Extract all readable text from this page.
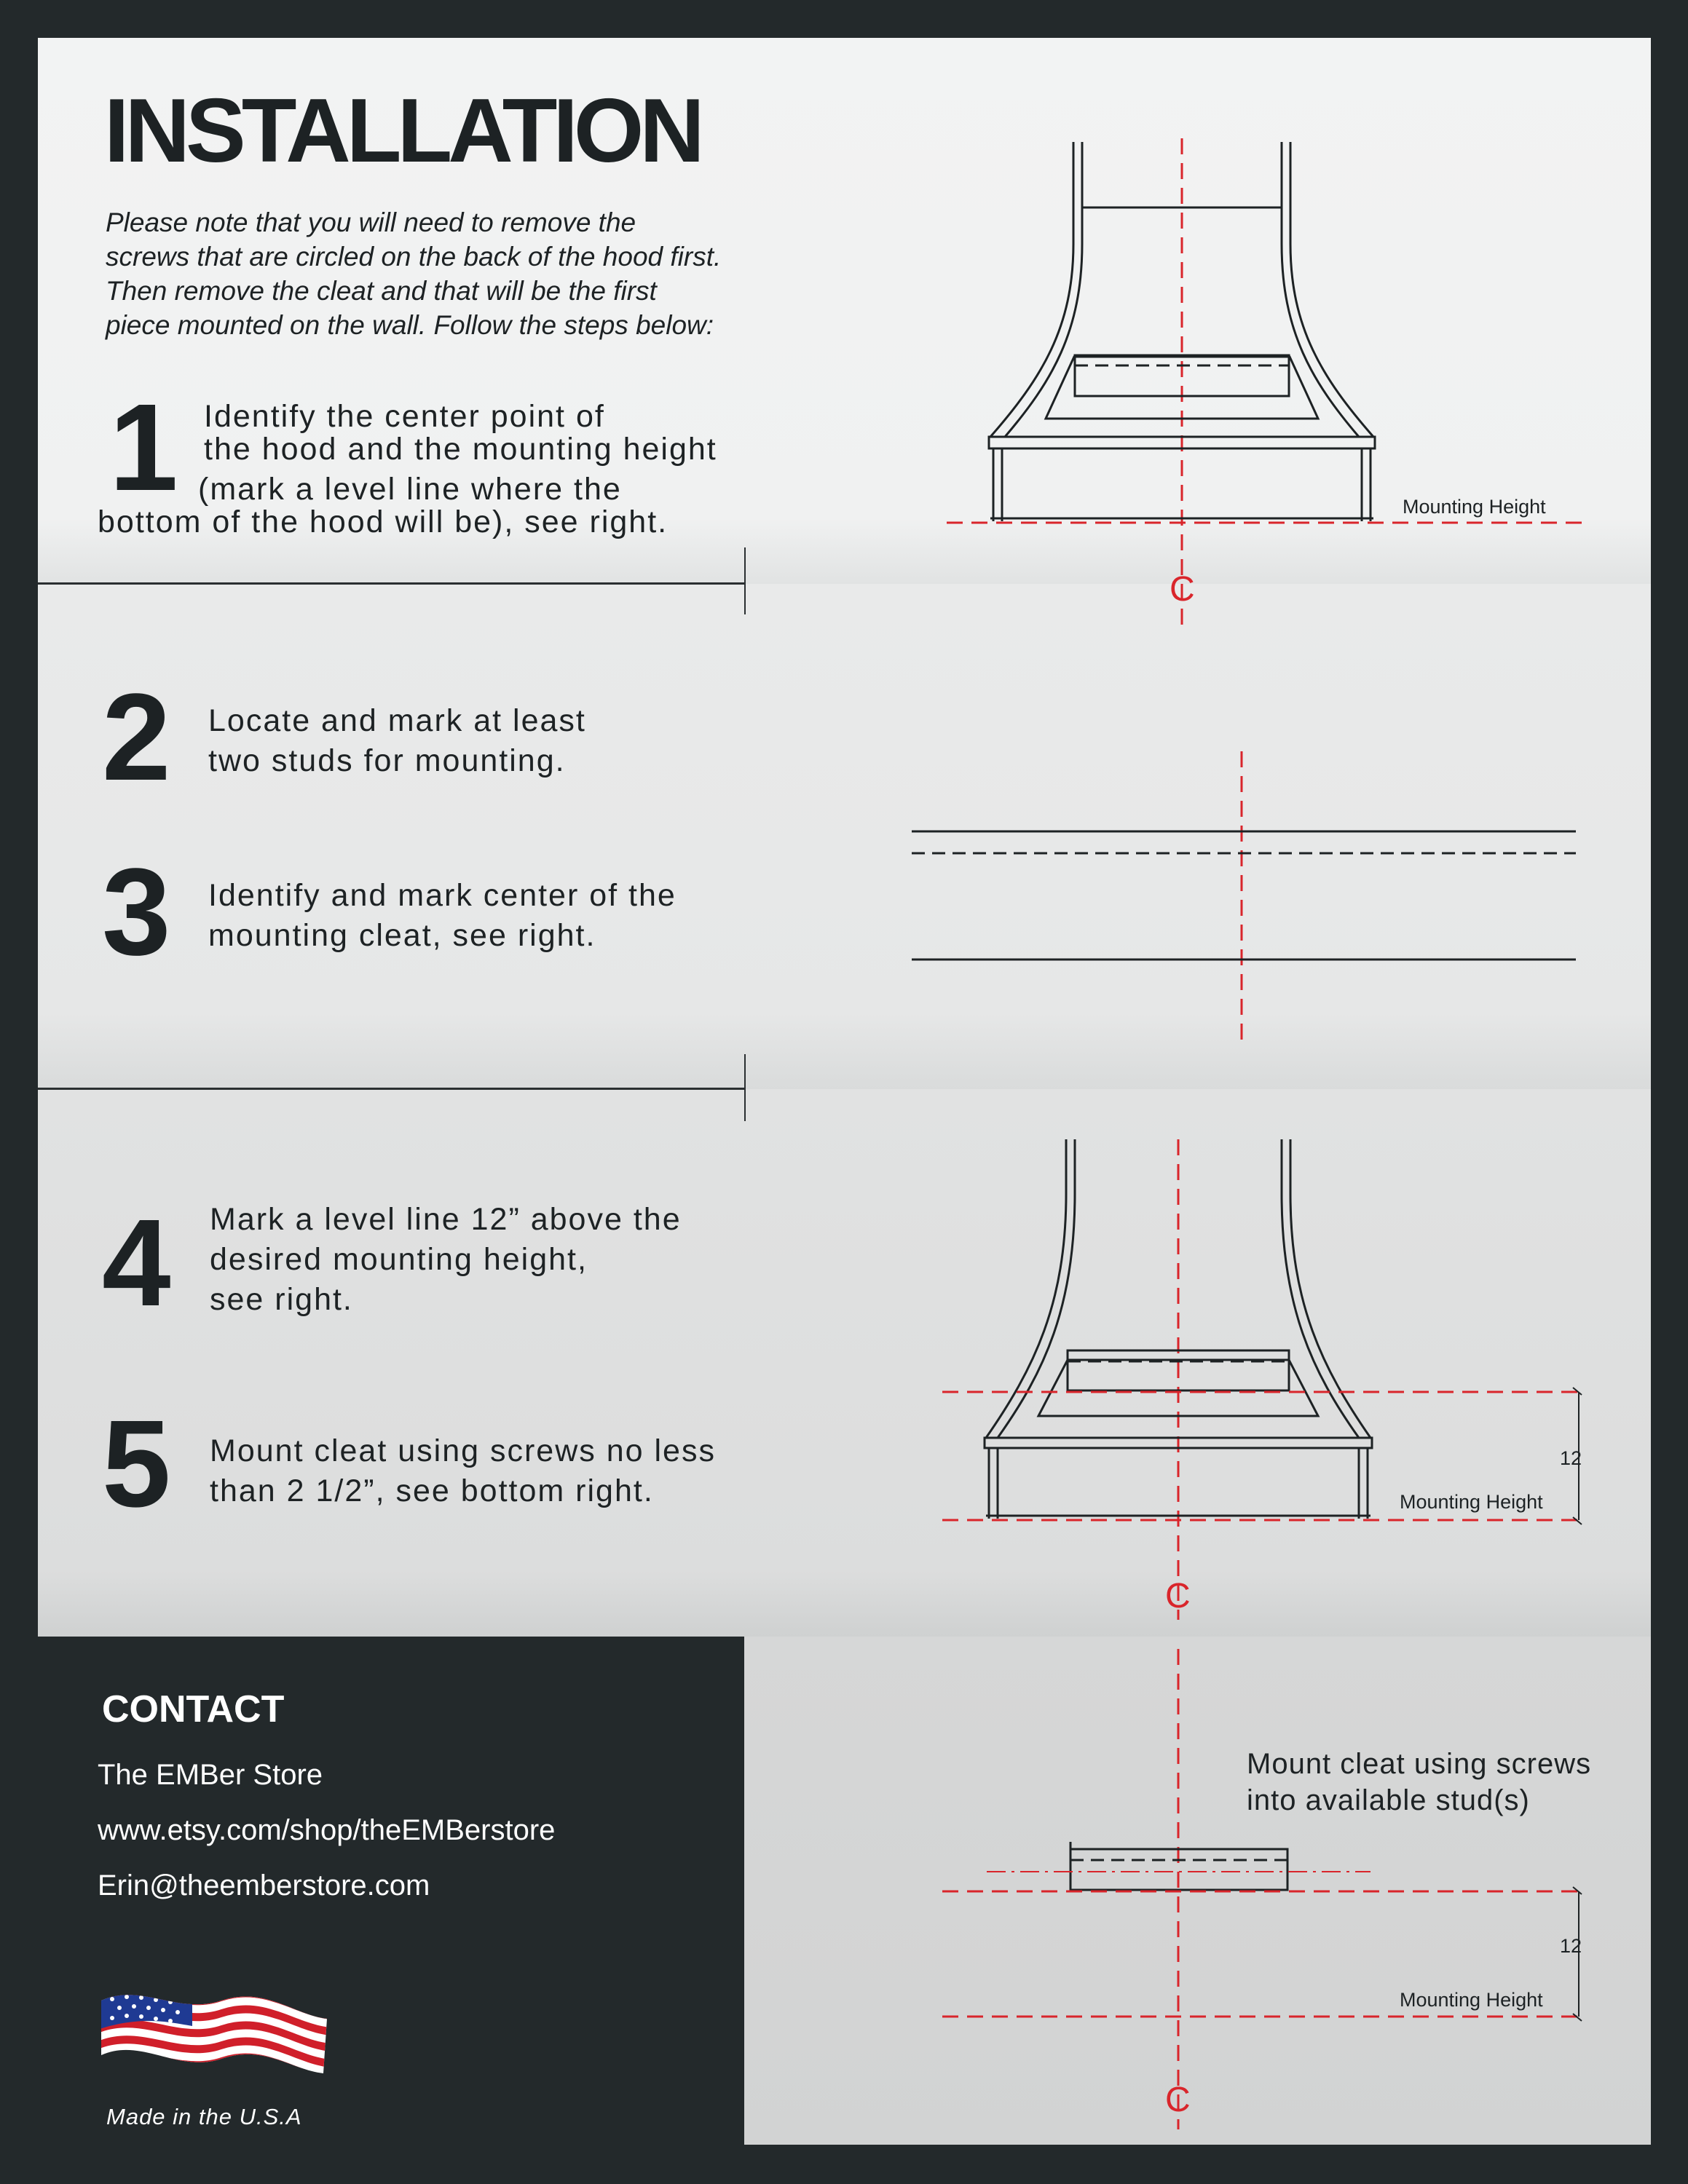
INSTALLATION
Please note that you will need to remove the screws that are circled on the back of the hood first. Then remove the cleat and that will be the first piece mounted on the wall. Follow the steps below:
1 Identify the center point of
the hood and the mounting height
(mark a level line where the
bottom of the hood will be), see right.
2 Locate and mark at least
two studs for mounting.
3 Identify and mark center of the
mounting cleat, see right.
4 Mark a level line 12” above the
desired mounting height,
see right.
5 Mount cleat using screws no less
than 2 1/2”, see bottom right.
Mounting Height
C
12
Mounting Height
C
12
Mounting Height
C
Mount cleat using screws
into available stud(s)
CONTACT
The EMBer Store
www.etsy.com/shop/theEMBerstore
Erin@theemberstore.com
Made in the U.S.A
